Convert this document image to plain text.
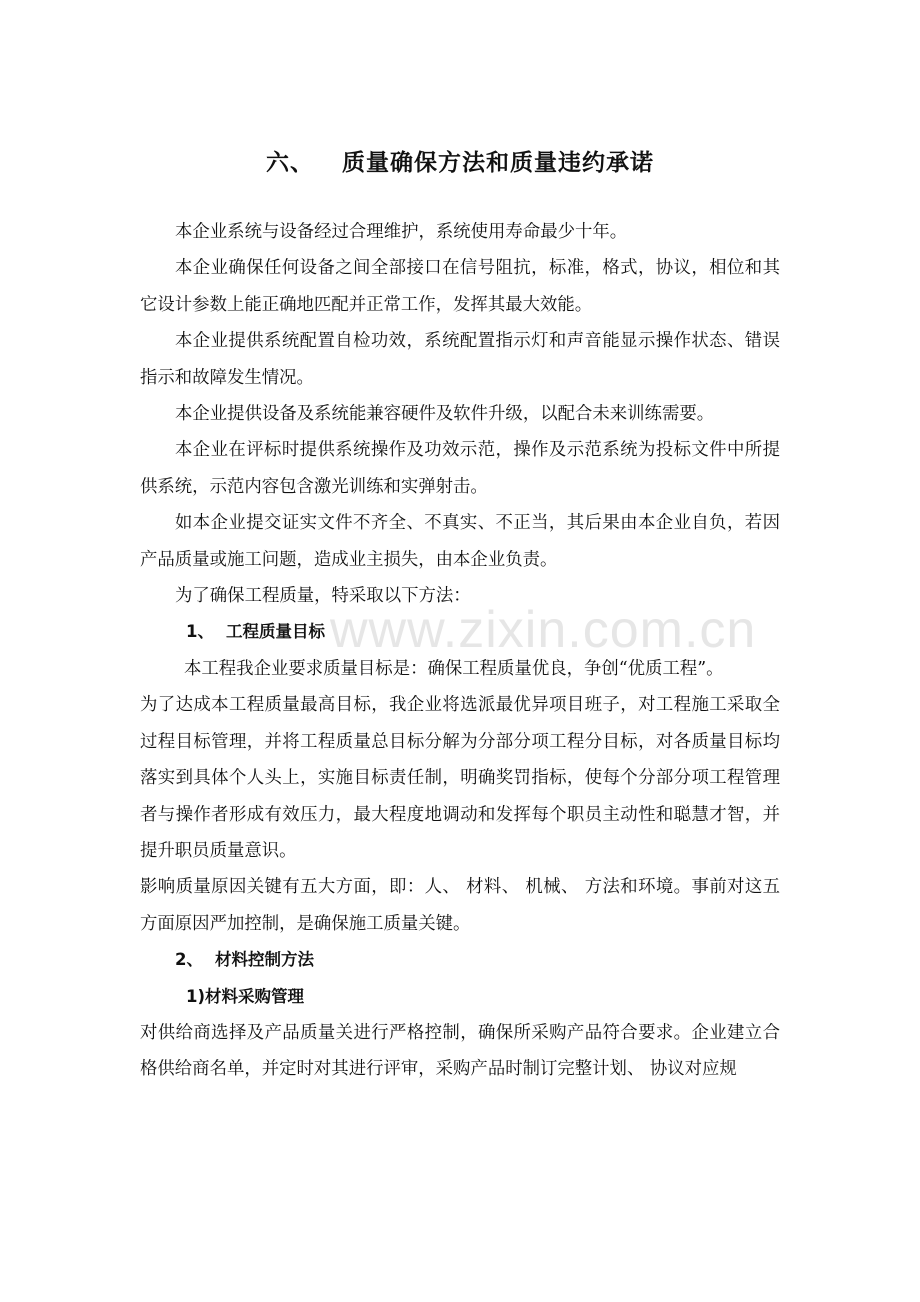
www.zixin.com.cn
六、 质量确保方法和质量违约承诺

本企业系统与设备经过合理维护，系统使用寿命最少十年。

本企业确保任何设备之间全部接口在信号阻抗，标准，格式，协议，相位和其它设计参数上能正确地匹配并正常工作，发挥其最大效能。

本企业提供系统配置自检功效，系统配置指示灯和声音能显示操作状态、错误指示和故障发生情况。

本企业提供设备及系统能兼容硬件及软件升级，以配合未来训练需要。

本企业在评标时提供系统操作及功效示范，操作及示范系统为投标文件中所提供系统，示范内容包含激光训练和实弹射击。

如本企业提交证实文件不齐全、不真实、不正当，其后果由本企业自负，若因产品质量或施工问题，造成业主损失，由本企业负责。

为了确保工程质量，特采取以下方法：

1、 工程质量目标

本工程我企业要求质量目标是：确保工程质量优良，争创“优质工程”。

为了达成本工程质量最高目标，我企业将选派最优异项目班子，对工程施工采取全过程目标管理，并将工程质量总目标分解为分部分项工程分目标，对各质量目标均落实到具体个人头上，实施目标责任制，明确奖罚指标，使每个分部分项工程管理者与操作者形成有效压力，最大程度地调动和发挥每个职员主动性和聪慧才智，并提升职员质量意识。

影响质量原因关键有五大方面，即：人、 材料、 机械、 方法和环境。事前对这五方面原因严加控制，是确保施工质量关键。

2、 材料控制方法

1)材料采购管理

对供给商选择及产品质量关进行严格控制，确保所采购产品符合要求。企业建立合格供给商名单，并定时对其进行评审，采购产品时制订完整计划、 协议对应规
